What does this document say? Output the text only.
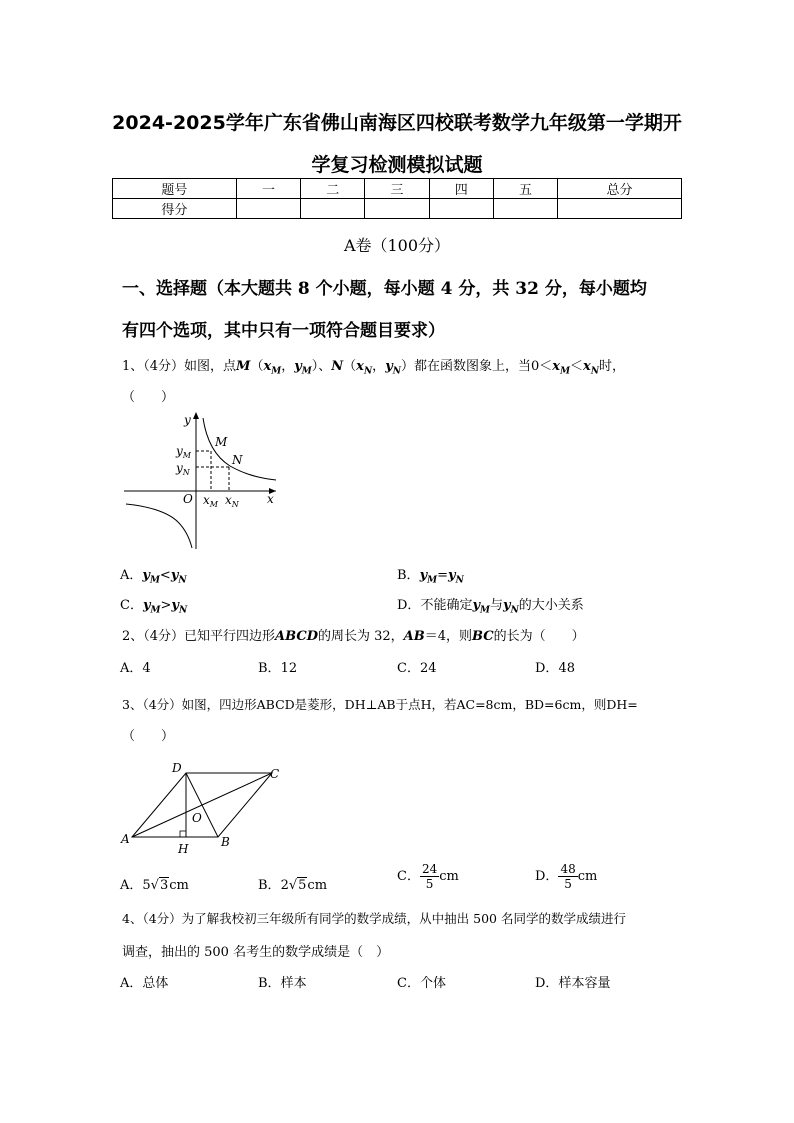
2024-2025学年广东省佛山南海区四校联考数学九年级第一学期开
学复习检测模拟试题
题号	一	二	三	四	五	总分
得分						
A卷（100分）
一、选择题（本大题共 8 个小题，每小题 4 分，共 32 分，每小题均
有四个选项，其中只有一项符合题目要求）
1、（4分）如图，点$M(x_M$，$y_M$）、$N(x_N$，$y_N$）都在函数图象上，当$0<x_M<x_N$时，
（　　）
y
x
O
M
N
$y_M$
$y_N$
$x_M$ $x_N$
A．$y_M<y_N$	B．$y_M=y_N$
C．$y_M>y_N$	D．不能确定$y_M$与$y_N$的大小关系
2、（4分）已知平行四边形ABCD的周长为 32，AB＝4，则BC的长为（　　）
A．4	B．12	C．24	D．48
3、（4分）如图，四边形ABCD是菱形，DH⊥AB于点H，若AC=8cm，BD=6cm，则DH=
（　　）
D	C
A	B
O
H
A．5√3cm	B．2√5cm
C． $\frac{24}{5}$ cm	D． $\frac{48}{5}$ cm
4、（4分）为了解我校初三年级所有同学的数学成绩，从中抽出 500 名同学的数学成绩进行
调查，抽出的 500 名考生的数学成绩是（　）
A．总体	B．样本	C．个体	D．样本容量
